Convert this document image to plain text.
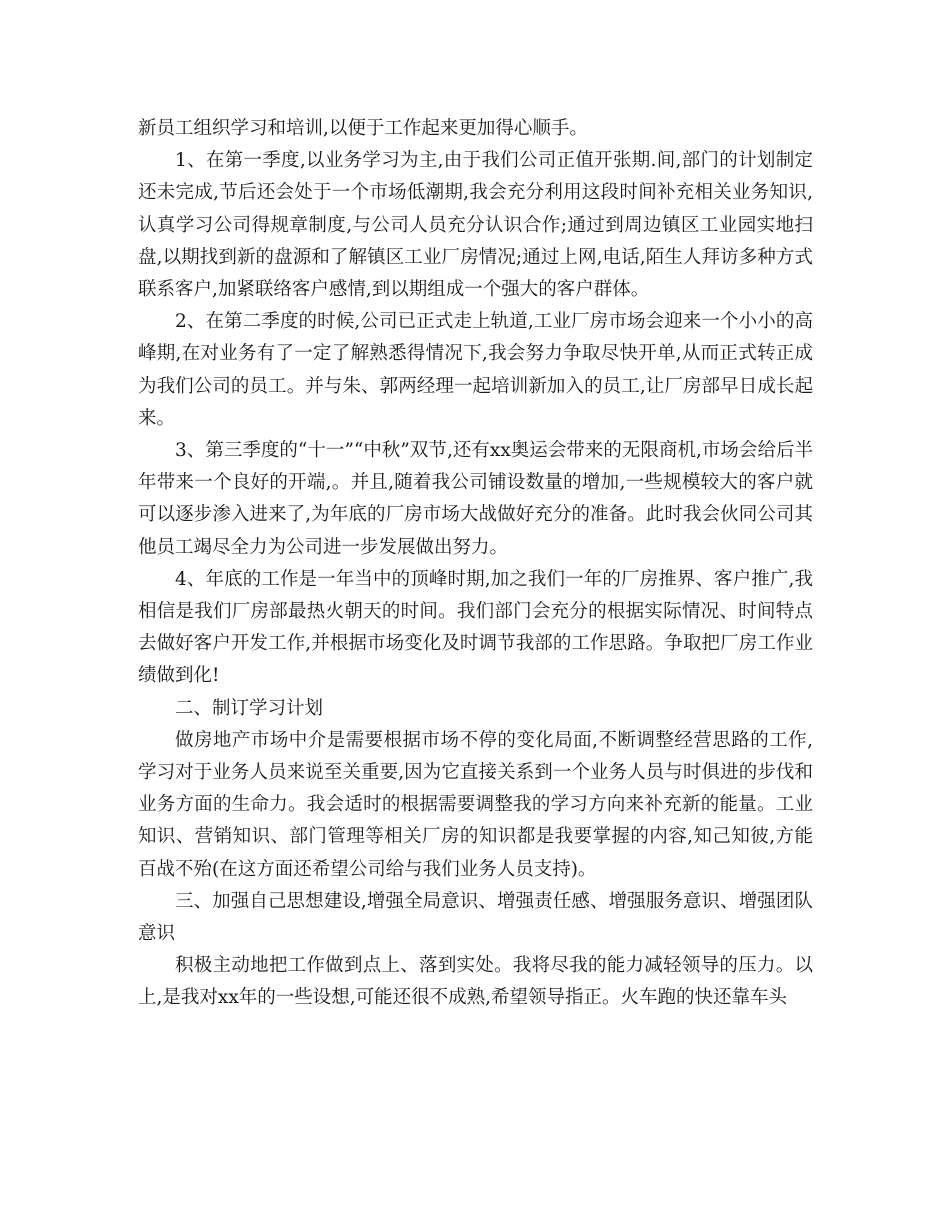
新员工组织学习和培训,以便于工作起来更加得心顺手。

1、在第一季度,以业务学习为主,由于我们公司正值开张期.间,部门的计划制定还未完成,节后还会处于一个市场低潮期,我会充分利用这段时间补充相关业务知识,认真学习公司得规章制度,与公司人员充分认识合作;通过到周边镇区工业园实地扫盘,以期找到新的盘源和了解镇区工业厂房情况;通过上网,电话,陌生人拜访多种方式联系客户,加紧联络客户感情,到以期组成一个强大的客户群体。

2、在第二季度的时候,公司已正式走上轨道,工业厂房市场会迎来一个小小的高峰期,在对业务有了一定了解熟悉得情况下,我会努力争取尽快开单,从而正式转正成为我们公司的员工。并与朱、郭两经理一起培训新加入的员工,让厂房部早日成长起来。

3、第三季度的“十一”“中秋”双节,还有xx奥运会带来的无限商机,市场会给后半年带来一个良好的开端,。并且,随着我公司铺设数量的增加,一些规模较大的客户就可以逐步渗入进来了,为年底的厂房市场大战做好充分的准备。此时我会伙同公司其他员工竭尽全力为公司进一步发展做出努力。

4、年底的工作是一年当中的顶峰时期,加之我们一年的厂房推界、客户推广,我相信是我们厂房部最热火朝天的时间。我们部门会充分的根据实际情况、时间特点去做好客户开发工作,并根据市场变化及时调节我部的工作思路。争取把厂房工作业绩做到化!

二、制订学习计划

做房地产市场中介是需要根据市场不停的变化局面,不断调整经营思路的工作,学习对于业务人员来说至关重要,因为它直接关系到一个业务人员与时俱进的步伐和业务方面的生命力。我会适时的根据需要调整我的学习方向来补充新的能量。工业知识、营销知识、部门管理等相关厂房的知识都是我要掌握的内容,知己知彼,方能百战不殆(在这方面还希望公司给与我们业务人员支持)。

三、加强自己思想建设,增强全局意识、增强责任感、增强服务意识、增强团队意识

积极主动地把工作做到点上、落到实处。我将尽我的能力减轻领导的压力。以上,是我对xx年的一些设想,可能还很不成熟,希望领导指正。火车跑的快还靠车头
